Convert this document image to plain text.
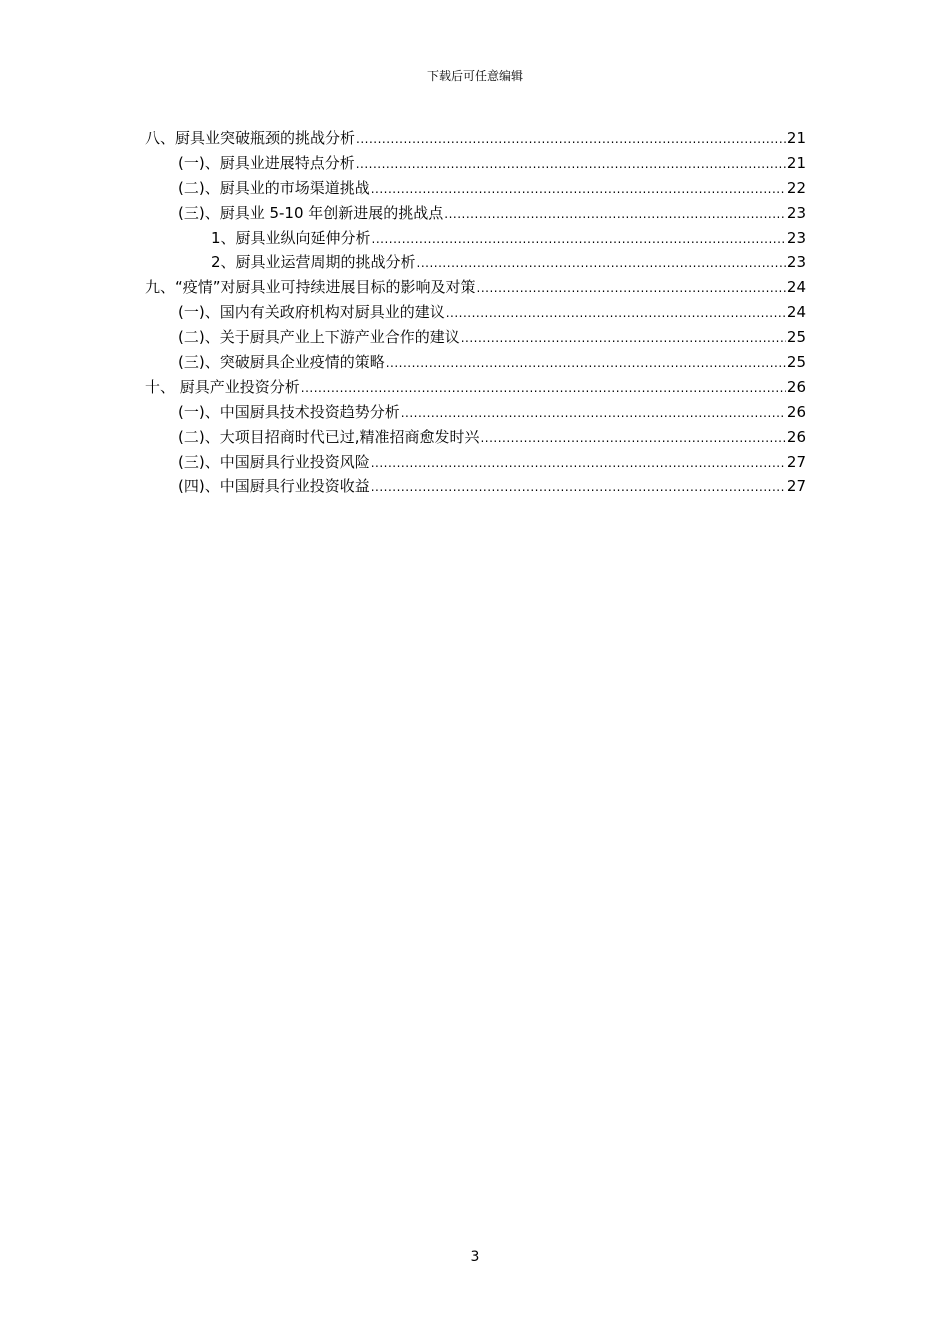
下载后可任意编辑
八、厨具业突破瓶颈的挑战分析 .....	21
(一)、厨具业进展特点分析 .....	21
(二)、厨具业的市场渠道挑战 .....	22
(三)、厨具业 5-10 年创新进展的挑战点 .....	23
1、厨具业纵向延伸分析 .....	23
2、厨具业运营周期的挑战分析 .....	23
九、“疫情”对厨具业可持续进展目标的影响及对策 .....	24
(一)、国内有关政府机构对厨具业的建议 .....	24
(二)、关于厨具产业上下游产业合作的建议 .....	25
(三)、突破厨具企业疫情的策略 .....	25
十、 厨具产业投资分析 .....	26
(一)、中国厨具技术投资趋势分析 .....	26
(二)、大项目招商时代已过,精准招商愈发时兴 .....	26
(三)、中国厨具行业投资风险 .....	27
(四)、中国厨具行业投资收益 .....	27
3
